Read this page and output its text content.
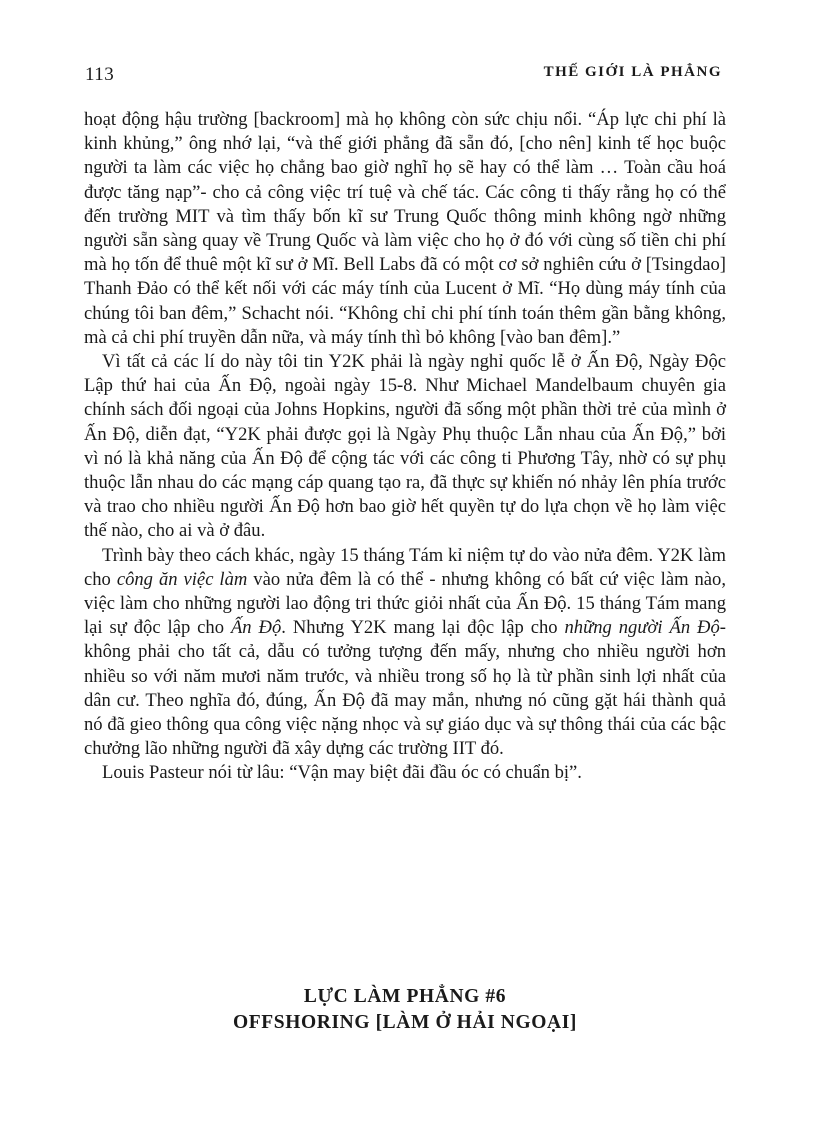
113	THẾ GIỚI LÀ PHẲNG

hoạt động hậu trường [backroom] mà họ không còn sức chịu nổi. “Áp lực chi phí là kinh khủng,” ông nhớ lại, “và thế giới phẳng đã sẵn đó, [cho nên] kinh tế học buộc người ta làm các việc họ chẳng bao giờ nghĩ họ sẽ hay có thể làm … Toàn cầu hoá được tăng nạp”- cho cả công việc trí tuệ và chế tác. Các công ti thấy rằng họ có thể đến trường MIT và tìm thấy bốn kĩ sư Trung Quốc thông minh không ngờ những người sẵn sàng quay về Trung Quốc và làm việc cho họ ở đó với cùng số tiền chi phí mà họ tốn để thuê một kĩ sư ở Mĩ. Bell Labs đã có một cơ sở nghiên cứu ở [Tsingdao] Thanh Đảo có thể kết nối với các máy tính của Lucent ở Mĩ. “Họ dùng máy tính của chúng tôi ban đêm,” Schacht nói. “Không chỉ chi phí tính toán thêm gần bằng không, mà cả chi phí truyền dẫn nữa, và máy tính thì bỏ không [vào ban đêm].”

Vì tất cả các lí do này tôi tin Y2K phải là ngày nghỉ quốc lễ ở Ấn Độ, Ngày Độc Lập thứ hai của Ấn Độ, ngoài ngày 15-8. Như Michael Mandelbaum chuyên gia chính sách đối ngoại của Johns Hopkins, người đã sống một phần thời trẻ của mình ở Ấn Độ, diễn đạt, “Y2K phải được gọi là Ngày Phụ thuộc Lẫn nhau của Ấn Độ,” bởi vì nó là khả năng của Ấn Độ để cộng tác với các công ti Phương Tây, nhờ có sự phụ thuộc lẫn nhau do các mạng cáp quang tạo ra, đã thực sự khiến nó nhảy lên phía trước và trao cho nhiều người Ấn Độ hơn bao giờ hết quyền tự do lựa chọn về họ làm việc thế nào, cho ai và ở đâu.

Trình bày theo cách khác, ngày 15 tháng Tám kỉ niệm tự do vào nửa đêm. Y2K làm cho công ăn việc làm vào nửa đêm là có thể - nhưng không có bất cứ việc làm nào, việc làm cho những người lao động tri thức giỏi nhất của Ấn Độ. 15 tháng Tám mang lại sự độc lập cho Ấn Độ. Nhưng Y2K mang lại độc lập cho những người Ấn Độ- không phải cho tất cả, dẫu có tưởng tượng đến mấy, nhưng cho nhiều người hơn nhiều so với năm mươi năm trước, và nhiều trong số họ là từ phần sinh lợi nhất của dân cư. Theo nghĩa đó, đúng, Ấn Độ đã may mắn, nhưng nó cũng gặt hái thành quả nó đã gieo thông qua công việc nặng nhọc và sự giáo dục và sự thông thái của các bậc chưởng lão những người đã xây dựng các trường IIT đó.

Louis Pasteur nói từ lâu: “Vận may biệt đãi đầu óc có chuẩn bị”.

LỰC LÀM PHẲNG #6
OFFSHORING [LÀM Ở HẢI NGOẠI]
